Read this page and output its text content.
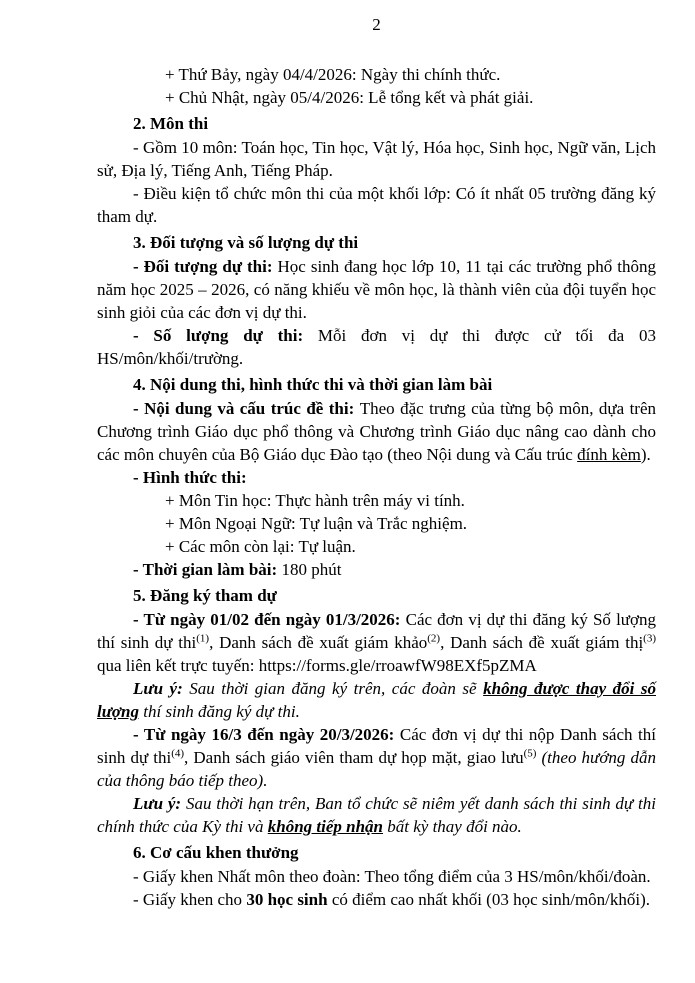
2

+ Thứ Bảy, ngày 04/4/2026: Ngày thi chính thức.

+ Chủ Nhật, ngày 05/4/2026: Lễ tổng kết và phát giải.

2. Môn thi

- Gồm 10 môn: Toán học, Tin học, Vật lý, Hóa học, Sinh học, Ngữ văn, Lịch sử, Địa lý, Tiếng Anh, Tiếng Pháp.

- Điều kiện tổ chức môn thi của một khối lớp: Có ít nhất 05 trường đăng ký tham dự.

3. Đối tượng và số lượng dự thi

- Đối tượng dự thi: Học sinh đang học lớp 10, 11 tại các trường phổ thông năm học 2025 – 2026, có năng khiếu về môn học, là thành viên của đội tuyển học sinh giỏi của các đơn vị dự thi.

- Số lượng dự thi: Mỗi đơn vị dự thi được cử tối đa 03 HS/môn/khối/trường.

4. Nội dung thi, hình thức thi và thời gian làm bài

- Nội dung và cấu trúc đề thi: Theo đặc trưng của từng bộ môn, dựa trên Chương trình Giáo dục phổ thông và Chương trình Giáo dục nâng cao dành cho các môn chuyên của Bộ Giáo dục Đào tạo (theo Nội dung và Cấu trúc đính kèm).

- Hình thức thi:

+ Môn Tin học: Thực hành trên máy vi tính.

+ Môn Ngoại Ngữ: Tự luận và Trắc nghiệm.

+ Các môn còn lại: Tự luận.

- Thời gian làm bài: 180 phút

5. Đăng ký tham dự

- Từ ngày 01/02 đến ngày 01/3/2026: Các đơn vị dự thi đăng ký Số lượng thí sinh dự thi$^{(1)}$, Danh sách đề xuất giám khảo$^{(2)}$, Danh sách đề xuất giám thị$^{(3)}$ qua liên kết trực tuyến: https://forms.gle/rroawfW98EXf5pZMA

Lưu ý: Sau thời gian đăng ký trên, các đoàn sẽ không được thay đổi số lượng thí sinh đăng ký dự thi.

- Từ ngày 16/3 đến ngày 20/3/2026: Các đơn vị dự thi nộp Danh sách thí sinh dự thi$^{(4)}$, Danh sách giáo viên tham dự họp mặt, giao lưu$^{(5)}$ (theo hướng dẫn của thông báo tiếp theo).

Lưu ý: Sau thời hạn trên, Ban tổ chức sẽ niêm yết danh sách thi sinh dự thi chính thức của Kỳ thi và không tiếp nhận bất kỳ thay đổi nào.

6. Cơ cấu khen thưởng

- Giấy khen Nhất môn theo đoàn: Theo tổng điểm của 3 HS/môn/khối/đoàn.

- Giấy khen cho 30 học sinh có điểm cao nhất khối (03 học sinh/môn/khối).
